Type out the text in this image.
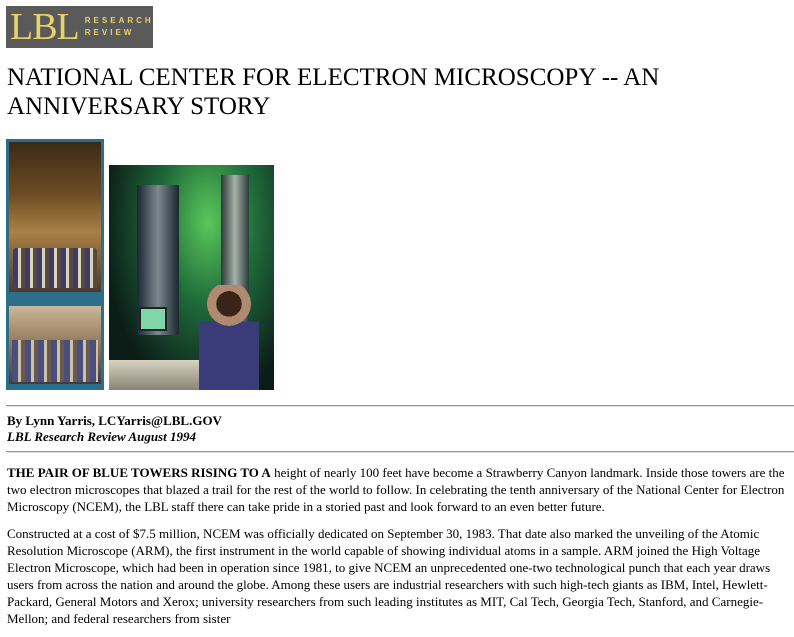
LBL RESEARCH
REVIEW
NATIONAL CENTER FOR ELECTRON MICROSCOPY -- AN ANNIVERSARY STORY
By Lynn Yarris, LCYarris@LBL.GOV
LBL Research Review August 1994

THE PAIR OF BLUE TOWERS RISING TO A height of nearly 100 feet have become a Strawberry Canyon landmark. Inside those towers are the two electron microscopes that blazed a trail for the rest of the world to follow. In celebrating the tenth anniversary of the National Center for Electron Microscopy (NCEM), the LBL staff there can take pride in a storied past and look forward to an even better future.

Constructed at a cost of $7.5 million, NCEM was officially dedicated on September 30, 1983. That date also marked the unveiling of the Atomic Resolution Microscope (ARM), the first instrument in the world capable of showing individual atoms in a sample. ARM joined the High Voltage Electron Microscope, which had been in operation since 1981, to give NCEM an unprecedented one-two technological punch that each year draws users from across the nation and around the globe. Among these users are industrial researchers with such high-tech giants as IBM, Intel, Hewlett-Packard, General Motors and Xerox; university researchers from such leading institutes as MIT, Cal Tech, Georgia Tech, Stanford, and Carnegie-Mellon; and federal researchers from sister
